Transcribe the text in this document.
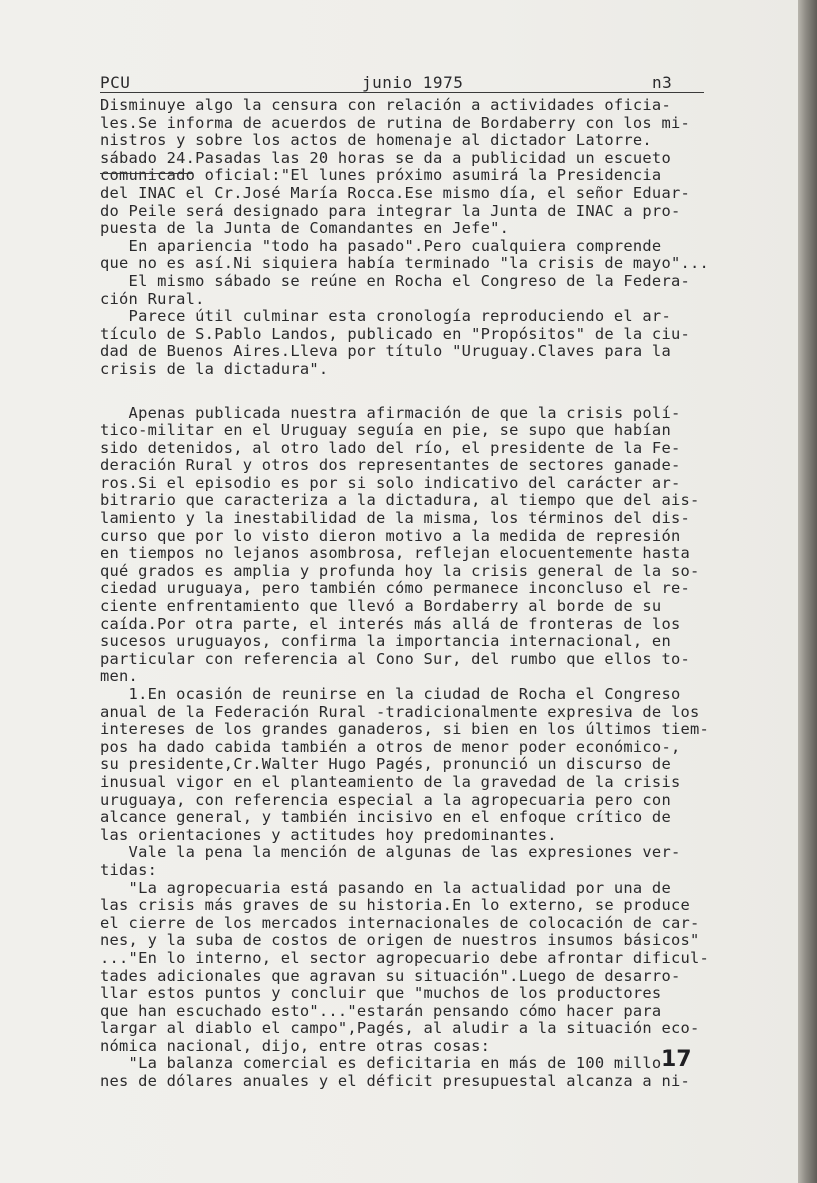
PCU	junio 1975	n3
Disminuye algo la censura con relación a actividades oficia-
les.Se informa de acuerdos de rutina de Bordaberry con los mi-
nistros y sobre los actos de homenaje al dictador Latorre.
sábado 24.Pasadas las 20 horas se da a publicidad un escueto
comunicado oficial:"El lunes próximo asumirá la Presidencia
del INAC el Cr.José María Rocca.Ese mismo día, el señor Eduar-
do Peile será designado para integrar la Junta de INAC a pro-
puesta de la Junta de Comandantes en Jefe".
En apariencia "todo ha pasado".Pero cualquiera comprende
que no es así.Ni siquiera había terminado "la crisis de mayo"...
El mismo sábado se reúne en Rocha el Congreso de la Federa-
ción Rural.
Parece útil culminar esta cronología reproduciendo el ar-
tículo de S.Pablo Landos, publicado en "Propósitos" de la ciu-
dad de Buenos Aires.Lleva por título "Uruguay.Claves para la
crisis de la dictadura".
Apenas publicada nuestra afirmación de que la crisis polí-
tico-militar en el Uruguay seguía en pie, se supo que habían
sido detenidos, al otro lado del río, el presidente de la Fe-
deración Rural y otros dos representantes de sectores ganade-
ros.Si el episodio es por si solo indicativo del carácter ar-
bitrario que caracteriza a la dictadura, al tiempo que del ais-
lamiento y la inestabilidad de la misma, los términos del dis-
curso que por lo visto dieron motivo a la medida de represión
en tiempos no lejanos asombrosa, reflejan elocuentemente hasta
qué grados es amplia y profunda hoy la crisis general de la so-
ciedad uruguaya, pero también cómo permanece inconcluso el re-
ciente enfrentamiento que llevó a Bordaberry al borde de su
caída.Por otra parte, el interés más allá de fronteras de los
sucesos uruguayos, confirma la importancia internacional, en
particular con referencia al Cono Sur, del rumbo que ellos to-
men.
1.En ocasión de reunirse en la ciudad de Rocha el Congreso
anual de la Federación Rural -tradicionalmente expresiva de los
intereses de los grandes ganaderos, si bien en los últimos tiem-
pos ha dado cabida también a otros de menor poder económico-,
su presidente,Cr.Walter Hugo Pagés, pronunció un discurso de
inusual vigor en el planteamiento de la gravedad de la crisis
uruguaya, con referencia especial a la agropecuaria pero con
alcance general, y también incisivo en el enfoque crítico de
las orientaciones y actitudes hoy predominantes.
Vale la pena la mención de algunas de las expresiones ver-
tidas:
"La agropecuaria está pasando en la actualidad por una de
las crisis más graves de su historia.En lo externo, se produce
el cierre de los mercados internacionales de colocación de car-
nes, y la suba de costos de origen de nuestros insumos básicos"
..."En lo interno, el sector agropecuario debe afrontar dificul-
tades adicionales que agravan su situación".Luego de desarro-
llar estos puntos y concluir que "muchos de los productores
que han escuchado esto"..."estarán pensando cómo hacer para
largar al diablo el campo",Pagés, al aludir a la situación eco-
nómica nacional, dijo, entre otras cosas:
"La balanza comercial es deficitaria en más de 100 millo-
nes de dólares anuales y el déficit presupuestal alcanza a ni-
17
